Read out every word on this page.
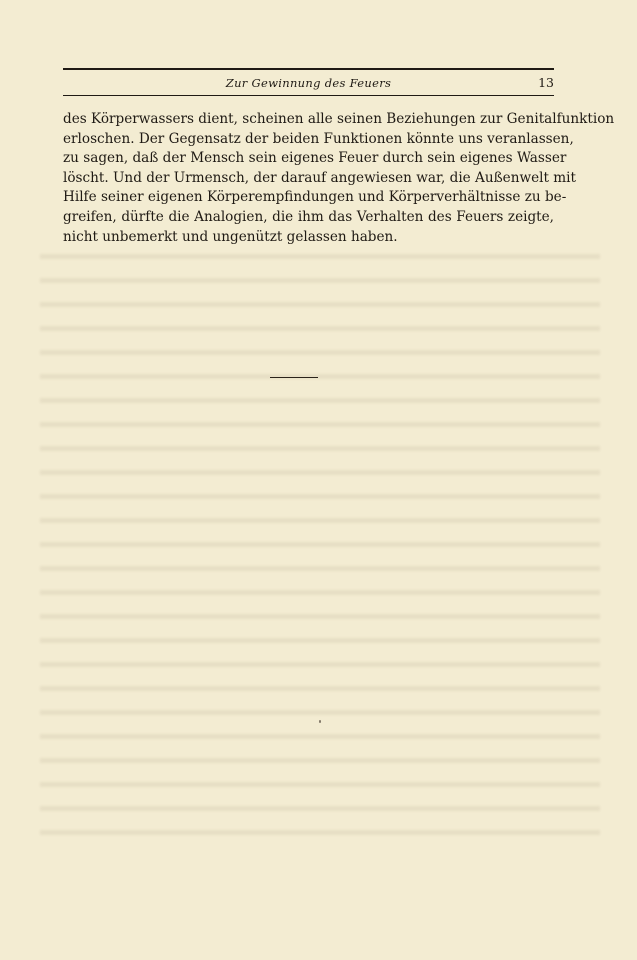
Zur Gewinnung des Feuers	13
des Körperwassers dient, scheinen alle seinen Beziehungen zur Genitalfunktion
erloschen. Der Gegensatz der beiden Funktionen könnte uns veranlassen,
zu sagen, daß der Mensch sein eigenes Feuer durch sein eigenes Wasser
löscht. Und der Urmensch, der darauf angewiesen war, die Außenwelt mit
Hilfe seiner eigenen Körperempfindungen und Körperverhältnisse zu be-
greifen, dürfte die Analogien, die ihm das Verhalten des Feuers zeigte,
nicht unbemerkt und ungenützt gelassen haben.
